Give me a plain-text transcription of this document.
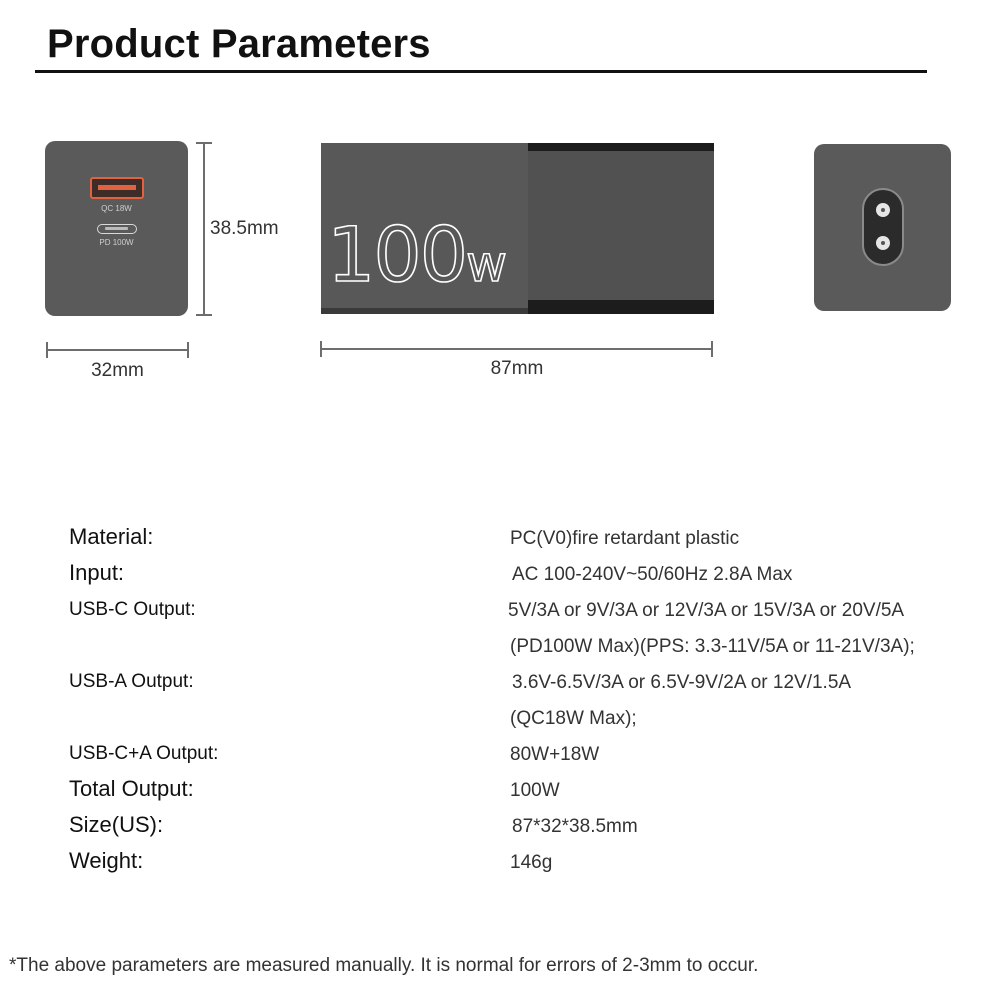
Product Parameters
QC 18W
PD 100W
38.5mm
32mm
100w
87mm
Material:	PC(V0)fire retardant plastic
Input:	AC 100-240V~50/60Hz 2.8A Max
USB-C Output:	5V/3A or 9V/3A or 12V/3A or 15V/3A or 20V/5A
(PD100W Max)(PPS: 3.3-11V/5A or 11-21V/3A);
USB-A Output:	3.6V-6.5V/3A or 6.5V-9V/2A or 12V/1.5A
(QC18W Max);
USB-C+A Output:	80W+18W
Total Output:	100W
Size(US):	87*32*38.5mm
Weight:	146g
*The above parameters are measured manually. It is normal for errors of 2-3mm to occur.
